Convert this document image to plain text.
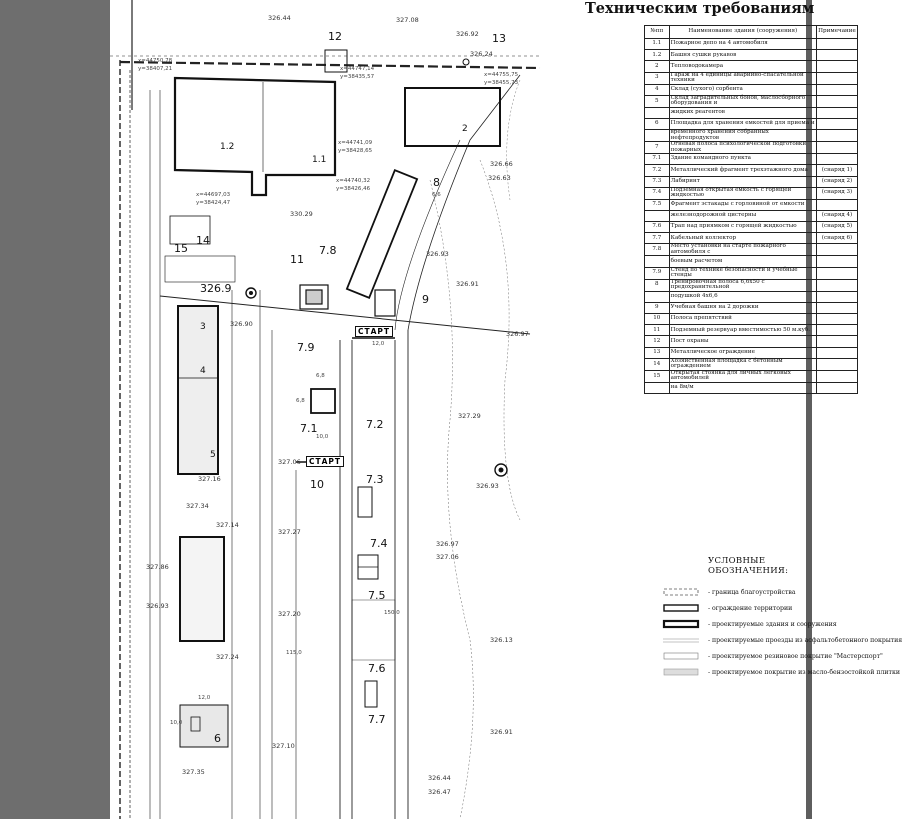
Техническим требованиям
12	13
1.1
1.2
2
3
4
5
6
7.1	7.2
7.3
7.4
7.5
7.6
7.7
7.8
7.9
8
9
10
11
14
15
СТАРТ
СТАРТ
12,0
12,0
10,0
10,0
6,8
6,8
115,0
150,0
6,6
x=44747,14
y=38435,57	x=44755,75
y=38455,73
x=44741,09
y=38428,65
x=44697,03
y=38424,47
x=44740,32
y=38426,46
x=44750,78
y=38407,21
326.44	327.08
326.92
326.24
326.66
326.63
326.93
326.91
326.97
326.90
327.29
326.93
326.97
327.06
326.13
326.91
327.16
327.34
327.14
327.86
326.93
327.24
327.10
327.35
326.44
326.47
327.20
327.06
330.29
326.9
327.27
№пп	Наименование здания (сооружения)	Примечание
1.1	Пожарное депо на 4 автомобиля	
1.2	Башня сушки рукавов	
2	Тепловодокамера	
3	Гараж на 4 единицы аварийно-спасательной техники	
4	Склад (сухого) сорбента	
5	Склад заградительных бонов, маслосборного оборудования и	
	жидких реагентов	
6	Площадка для хранения емкостей для приема и	
	временного хранения собранных нефтепродуктов	
7	Огневая полоса психологической подготовки пожарных	
7.1	Здание командного пункта	
7.2	Металлический фрагмент трехэтажного дома	(снаряд 1)
7.3	Лабиринт	(снаряд 2)
7.4	Подземная открытая емкость с горящей жидкостью	(снаряд 3)
7.5	Фрагмент эстакады с горловиной от емкости	
	железнодорожной цистерны	(снаряд 4)
7.6	Трап над приямком с горящей жидкостью	(снаряд 5)
7.7	Кабельный коллектор	(снаряд 6)
7.8	Место установки на старте пожарного автомобиля с	
	боевым расчетом	
7.9	Стенд по технике безопасности и учебные стенды	
8	Тренировочная полоса 6,6х50 с предохранительной	
	подушкой 4х6,6	
9	Учебная башня на 2 дорожки	
10	Полоса препятствий	
11	Подземный резервуар вместимостью 50 м.куб.	
12	Пост охраны	
13	Металлическое ограждение	
14	Хозяйственная площадка с бетонным ограждением	
15	Открытая стоянка для личных легковых автомобилей	
	на 8м/м	
УСЛОВНЫЕ ОБОЗНАЧЕНИЯ:
- граница благоустройства
- ограждение территории
- проектируемые здания и сооружения
- проектируемые проезды из асфальтобетонного покрытия
- проектируемое резиновое покрытие "Мастерспорт"
- проектируемое покрытие из масло-бензостойкой плитки
